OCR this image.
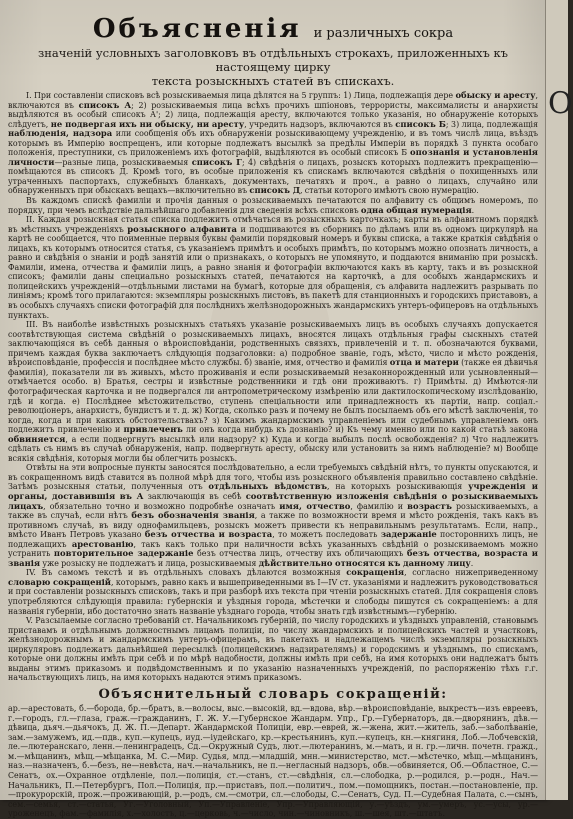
Объясненія и различныхъ сокра
значеній условныхъ заголовковъ въ отдѣльныхъ строкахъ, приложенныхъ къ настоящему цирку
текста розыскныхъ статей въ спискахъ.

I. При составленіи списковъ всѣ розыскиваемыя лица дѣлятся на 5 группъ: 1) Лица, подлежащія дере обыску и аресту, включаются въ списокъ А; 2) розыскиваемыя лица всѣхъ прочихъ шпіоновъ, террористы, максималисты и анархисты выдѣляются въ особый списокъ А'; 2) лица, подлежащія аресту, включаются только указанія, но обнаруженіе которыхъ слѣдуетъ, не подвергая ихъ ни обыску, ни аресту, учредить надзоръ, включаются въ списокъ Б; 3) лица, подлежащія наблюденія, надзора или сообщенія объ ихъ обнаруженіи розыскивающему учрежденію, и въ томъ числѣ лица, въѣздъ которымъ въ Имперію воспрещенъ, или которые подлежатъ высылкѣ за предѣлы Имперіи въ порядкѣ 3 пункта особаго положенія, преступники, съ приложеніемъ ихъ фотографій, выдѣляются въ особый списокъ Б опознанія и установленія личности—разные лица, розыскиваемыя списокъ Г; 4) свѣдѣнія о лицахъ, розыскъ которыхъ подлежитъ прекращенію—помѣщаются въ списокъ Д. Кромѣ того, въ особые приложенія къ спискамъ включаются свѣдѣнія о похищенныхъ или утраченныхъ паспортахъ, служебныхъ бланкахъ, документахъ, печатяхъ и проч., а равно о лицахъ, случайно или обнаруженныхъ при обыскахъ вещахъ—включительно въ списокъ Д, статьи которого имѣютъ свою нумерацію.

Въ каждомъ спискѣ фамиліи и прочія данныя о розыскиваемыхъ печатаются по алфавиту съ общимъ номеромъ, по порядку, при чемъ вслѣдствіе дальнѣйшаго добавленія для сведенія всѣхъ списковъ одна общая нумерація.

II. Каждая розыскная статья списка подлежитъ отмѣчаться въ розыскныхъ карточкахъ; карты въ алфавитномъ порядкѣ въ мѣстныхъ учрежденіяхъ розыскного алфавита и подшиваются въ сборникъ по дѣламъ или въ одномъ циркулярѣ на картѣ не сообщается, что поименные первыя буквы фамиліи порядковый номеръ и буквы списка, а также краткія свѣдѣнія о лицахъ, къ которымъ относится статья, съ указаніемъ примѣтъ и особыхъ примѣтъ, по которымъ можно опознать личность, а равно и свѣдѣнія о знаніи и родѣ занятій или о признакахъ, о которыхъ не упомянуто, и поддаются вниманію при розыскѣ. Фамиліи, имена, отчества и фамиліи лицъ, а равно знанія и фотографіи включаются какъ въ карту, такъ и въ розыскной списокъ; фамиліи даны специально розыскныхъ статей, печатаются на карточкѣ, а для особыхъ жандармскихъ и полицейскихъ учрежденій—отдѣльными листами на бумагѣ, которые для обращенія, съ алфавита надлежитъ разрывать по линіямъ; кромѣ того прилагаются: экземпляры розыскныхъ листовъ, въ пакетѣ для станционныхъ и городскихъ приставовъ, а въ особыхъ случаяхъ списки фотографій для послѣднихъ желѣзнодорожныхъ жандармскихъ унтеръ-офицеровъ на отдѣльныхъ пунктахъ.

III. Въ наиболѣе извѣстныхъ розыскныхъ статьяхъ указаніе розыскиваемыхъ лицъ въ особыхъ случаяхъ допускается соотвѣтствующая система свѣдѣній о розыскиваемыхъ лицахъ, вносятся лицахъ отдѣльныя графы сыскныхъ статей заключающіяся въ себѣ данныя о вѣроисповѣданіи, родственныхъ связяхъ, привлеченій и т. п. обозначаются буквами, причемъ каждая буква заключаетъ слѣдующія подзаголовки: а) подробное званіе, годъ, мѣсто, число и мѣсто рожденія, вѣроисповѣданіе, профессія и послѣднее мѣсто службы. б) званіе, имя, отчество и фамилія отца и матери (также ея дѣвичья фамилія), показатели ли въ живыхъ, мѣсто проживанія и если розыскиваемый незаконнорожденный или усыновленный—отмѣчается особо. в) Братья, сестры и извѣстные родственники и гдѣ они проживаютъ. г) Примѣты. д) Имѣются-ли фотографическая карточка и не подвергался ли антропометрическому измѣренію или дактилоскопическому изслѣдованію, гдѣ и когда. е) Послѣднее мѣстожительство, ступень спеціальности или принадлежность къ партіи, напр. соціал.-революціонеръ, анархистъ, бундистъ и т. д. ж) Когда, сколько разъ и почему не былъ посылаемъ объ его мѣстѣ заключенія, то когда, когда и при какихъ обстоятельствахъ? з) Какимъ жандармскимъ управленіемъ или судебнымъ управленіемъ онъ подлежитъ привлеченію и привлеченъ ли онъ когда нибудь къ дознанію? и) Къ чему именно или по какой статьѣ закона обвиняется, а если подвергнутъ высылкѣ или надзору? к) Куда и когда выбылъ послѣ освобожденія? л) Что надлежитъ сдѣлать съ нимъ въ случаѣ обнаруженія, напр. подвергнуть аресту, обыску или установить за нимъ наблюденіе? м) Вообще всякія свѣдѣнія, которыя могли бы облегчить розыскъ.

Отвѣты на эти вопросные пункты заносятся послѣдовательно, а если требуемыхъ свѣдѣній нѣтъ, то пункты опускаются, и въ сокращенномъ видѣ ставится въ полной мѣрѣ для того, чтобы изъ розыскного объявленія правильно составлено свѣдѣніе. Затѣмъ розыскныя статьи, полученныя отъ отдѣльныхъ вѣдомствъ, на которыхъ розыскивающія учрежденія и органы, доставившія въ А заключающія въ себѣ соотвѣтственную изложенія свѣдѣнія о розыскиваемыхъ лицахъ, обязательно точно и возможно подробнѣе означать имя, отчество, фамилію и возрастъ розыскиваемыхъ, а также въ случаѣ, если нѣтъ безъ обозначенія званія, а также по возможности время и мѣсто рожденія, такъ какъ въ противномъ случаѣ, въ виду однофамильцевъ, розыскъ можетъ привести къ неправильнымъ результатамъ. Если, напр., вмѣсто Иванъ Петровъ указано безъ отчества и возраста, то можетъ последовать задержаніе постороннихъ лицъ, не подлежащихъ арестованію, такъ какъ только при наличности всѣхъ указанныхъ свѣдѣній о розыскиваемомъ можно устранить повторительное задержаніе безъ отчества лицъ, отчеству ихъ обличающихъ безъ отчества, возраста и званія уже розыску не подлежатъ и лица, розыскиваемыя дѣйствительно относятся къ данному лицу.

IV. Въ самомъ текстѣ и въ отдѣльныхъ словахъ дѣлаются возможныя сокращенія, согласно нижеприведенному словарю сокращеній, которымъ, равно какъ и вышеприведенными въ I—IV ст. указаніями и надлежитъ руководствоваться и при составленіи розыскныхъ списковъ, такъ и при разборѣ ихъ текста при чтеніи розыскныхъ статей. Для сокращенія словъ употребляются слѣдующія правила: губернскія и уѣздныя города, мѣстечки и слободы пишутся съ сокращеніемъ: а для названія губерніи, ибо достаточно знать названіе уѣзднаго города, чтобы знать гдѣ извѣстнымъ—губернію.

V. Разсылаемые согласно требованій ст. Начальникомъ губерній, по числу городскихъ и уѣздныхъ управленій, становымъ приставамъ и отдѣльнымъ должностнымъ лицамъ полиціи, по числу жандармскихъ и полицейскихъ частей и участковъ, желѣзнодорожнымъ и жандармскимъ унтеръ-офицерамъ, въ пакетахъ и надлежащемъ числѣ экземпляры розыскныхъ циркуляровъ подлежатъ дальнѣйшей пересылкѣ (полицейскимъ надзирателямъ) и городскимъ и уѣзднымъ, по спискамъ, которые они должны имѣть при себѣ и по мѣрѣ надобности, должны имѣть при себѣ, на имя которыхъ они надлежатъ быть выданы этимъ приказомъ и подвѣдомственнымъ и по указанію назначенныхъ учрежденій, по распоряженію тѣхъ г.г. начальствующихъ лицъ, на имя которыхъ надаются этимъ приказомъ.

Объяснительный словарь сокращеній:

ар.—арестовать, б.—борода, бр.—братъ, в.—волосы, выс.—высокій, вд.—вдова, вѣр.—вѣроисповѣданіе, выкрестъ—изъ евреевъ, г.—городъ, гл.—глаза, граж.—гражданинъ, Г. Ж. У.—Губернское Жандарм. Упр., Гр.—Губернаторъ, дв.—дворянинъ, дѣв.—дѣвица, дьяч.—дьячокъ, Д. Ж. П.—Департ. Жандармской Полиціи, евр.—еврей, ж.—жена, жит.—житель, заб.—заболѣваніе, зам.—замужемъ, ид.—пдв., куп.—купецъ, иуд.—іудейскаго, кр.—крестьянинъ, куп.—купецъ, кн.—княгиня, Лоб.—Лобчевскій, ле.—лютеранскаго, ленн.—ленинградецъ, Сд.—Окружный Судъ, лют.—лютеранинъ, м.—мать, и н. гр.—личн. почетн. гражд., м.—мѣщанинъ, мѣщ.—мѣщанка, М. С.—Мир. Судья, млд.—младшій, мнн.—министерство, мст.—мѣстечко, мѣщ.—мѣщанинъ, наз.—назначенъ, б.—безъ, не—невѣста, нач.—начальникъ, не п.—негласный надзоръ, обв.—обвиняется, Об.—Областное, С.—Сенатъ, ох.—Охранное отдѣленіе, пол.—полиція, ст.—станъ, ст.—свѣдѣнія, сл.—слободка, р.—родился, р.—родн., Нач.—Начальникъ, П.—Петербургъ, Пол.—Полиція, пр.—приставъ, пол.—политич., пом.—помощникъ, постан.—постановленіе, пр.—прокурорскій, прож.—проживающій, р.—родъ, см.—смотри, сл.—слободы, С.—Сенатъ, Суд. П.—Судебная Палата, с.—сынъ, сем.—семья, ст.—статья, Уг.—Уголовный, Уп.—Управленіе, Упр.—Управляющій, у.—уѣздъ, ум.—умеръ, ус.—усы, ур.—уроженецъ, фам.—фамилія, х.—холостъ, ц.—церковь, ч.—число, чин.—чиновникъ, ш.—шея, шт.—штатъ.

О
